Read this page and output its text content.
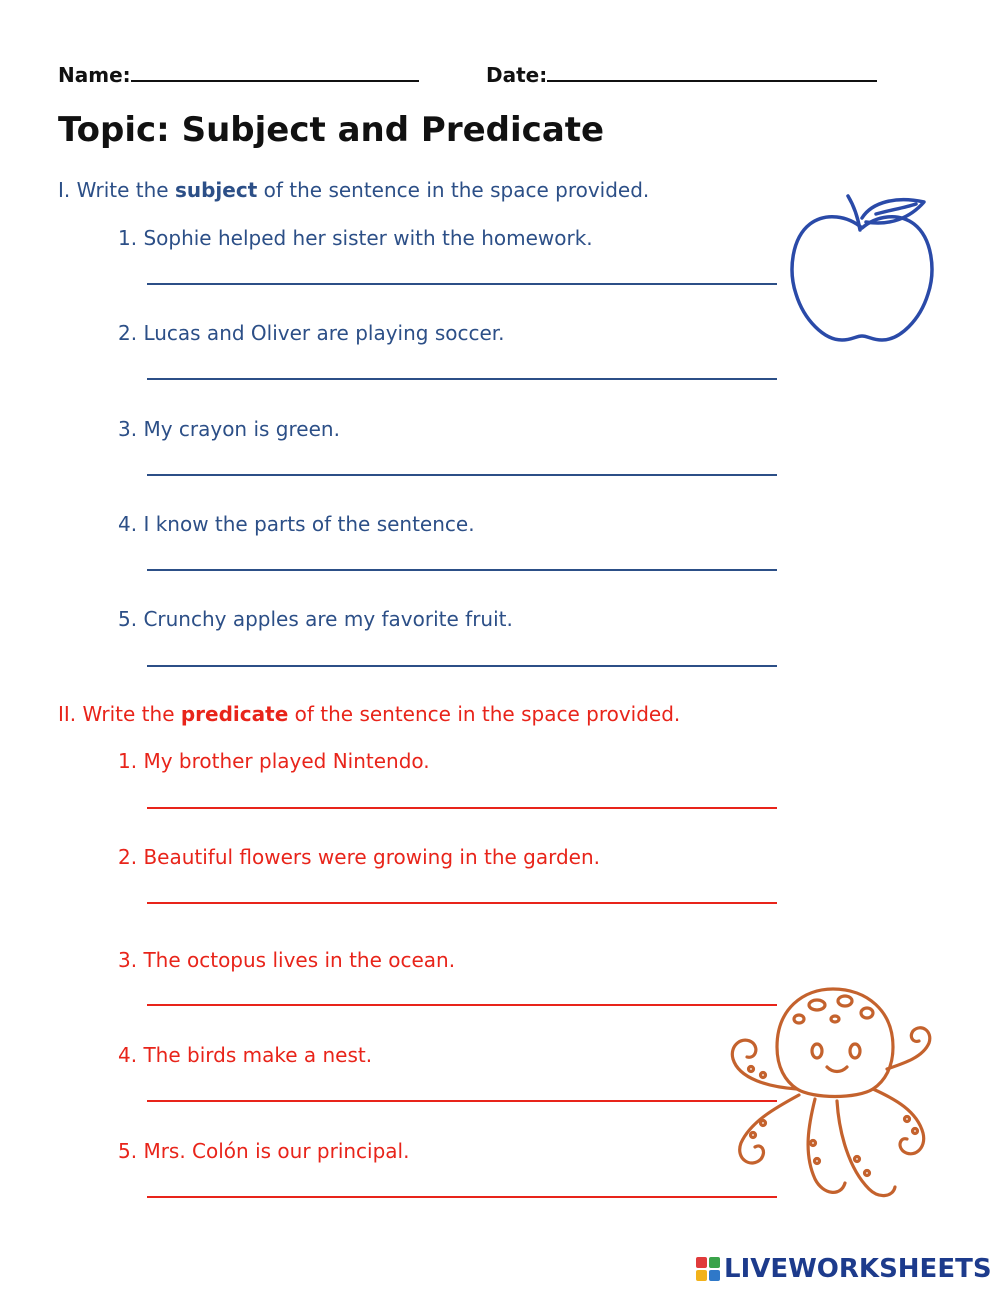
Name:	Date:
Topic: Subject and Predicate

I. Write the subject of the sentence in the space provided.

1. Sophie helped her sister with the homework.
2. Lucas and Oliver are playing soccer.
3. My crayon is green.
4. I know the parts of the sentence.
5. Crunchy apples are my favorite fruit.

II. Write the predicate of the sentence in the space provided.

1. My brother played Nintendo.
2. Beautiful flowers were growing in the garden.
3. The octopus lives in the ocean.
4. The birds make a nest.
5. Mrs. Colón is our principal.
LIVEWORKSHEETS
